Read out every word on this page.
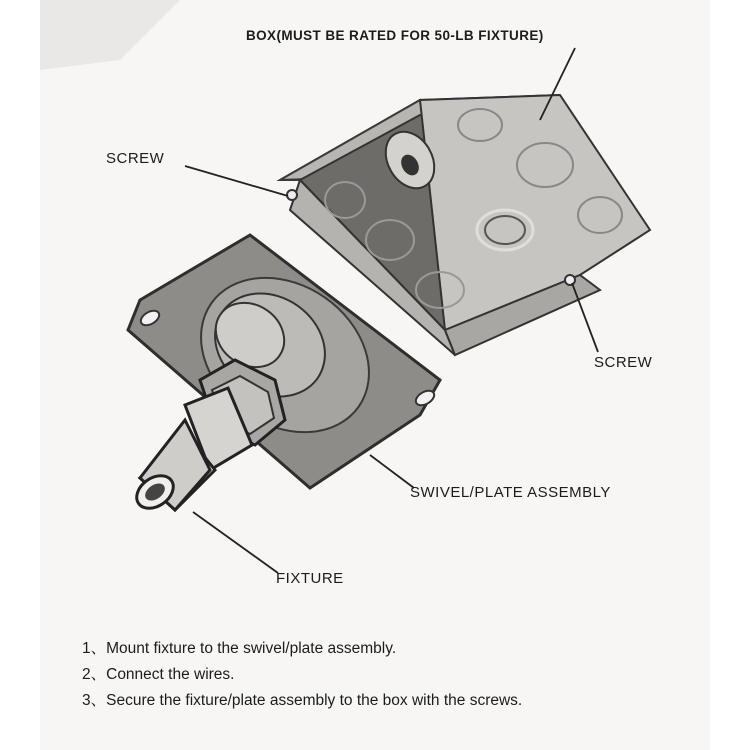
BOX(MUST BE RATED FOR 50-LB FIXTURE)
SCREW
SCREW
SWIVEL/PLATE ASSEMBLY
FIXTURE
1、Mount fixture to the swivel/plate assembly.
2、Connect the wires.
3、Secure the fixture/plate assembly to the box with the screws.
